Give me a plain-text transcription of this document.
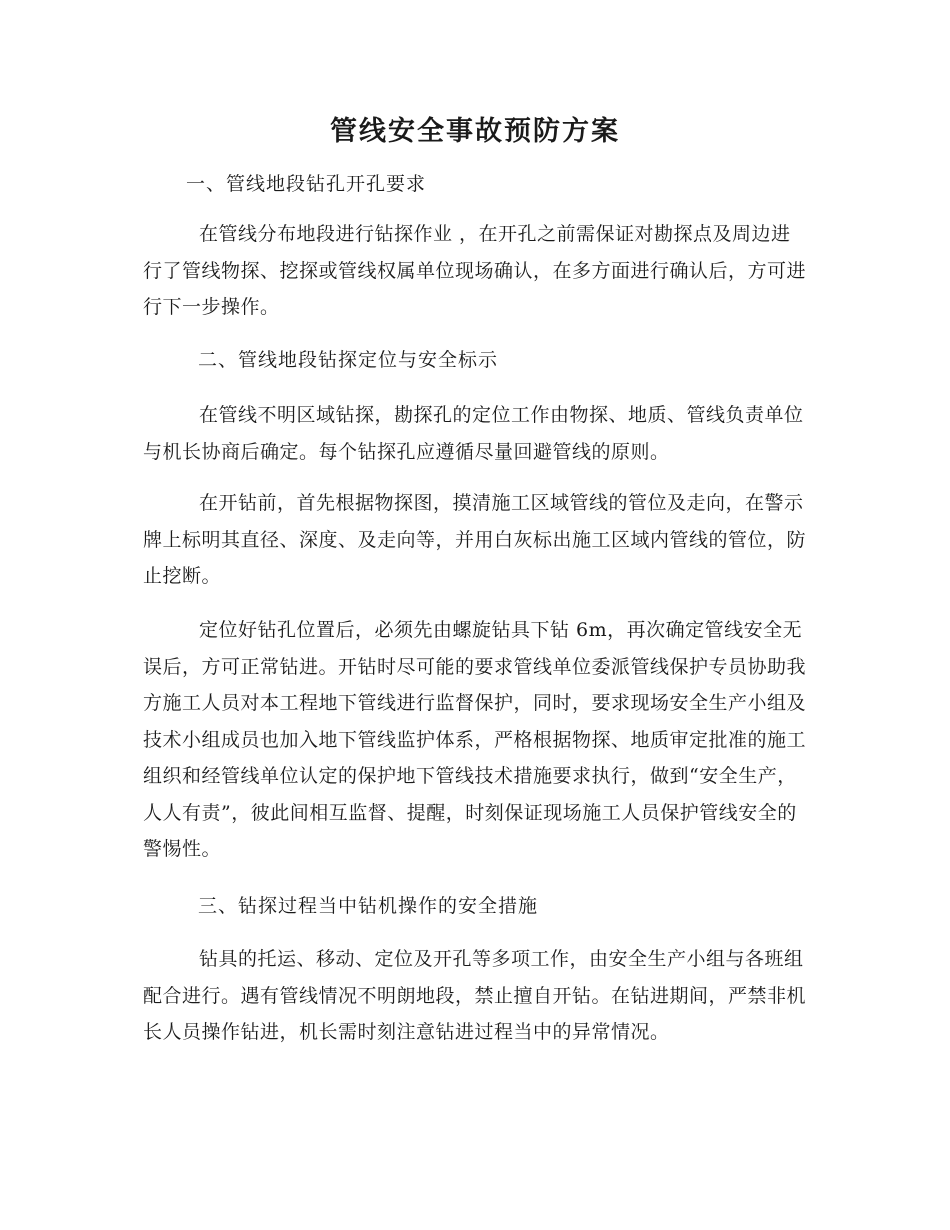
管线安全事故预防方案
一、管线地段钻孔开孔要求

在管线分布地段进行钻探作业 ，在开孔之前需保证对勘探点及周边进行了管线物探、挖探或管线权属单位现场确认，在多方面进行确认后，方可进行下一步操作。

二、管线地段钻探定位与安全标示

在管线不明区域钻探，勘探孔的定位工作由物探、地质、管线负责单位与机长协商后确定。每个钻探孔应遵循尽量回避管线的原则。

在开钻前，首先根据物探图，摸清施工区域管线的管位及走向，在警示牌上标明其直径、深度、及走向等，并用白灰标出施工区域内管线的管位，防止挖断。

定位好钻孔位置后，必须先由螺旋钻具下钻 6m，再次确定管线安全无误后，方可正常钻进。开钻时尽可能的要求管线单位委派管线保护专员协助我方施工人员对本工程地下管线进行监督保护，同时，要求现场安全生产小组及技术小组成员也加入地下管线监护体系，严格根据物探、地质审定批准的施工组织和经管线单位认定的保护地下管线技术措施要求执行，做到“安全生产，人人有责”，彼此间相互监督、提醒，时刻保证现场施工人员保护管线安全的警惕性。

三、钻探过程当中钻机操作的安全措施

钻具的托运、移动、定位及开孔等多项工作，由安全生产小组与各班组配合进行。遇有管线情况不明朗地段，禁止擅自开钻。在钻进期间，严禁非机长人员操作钻进，机长需时刻注意钻进过程当中的异常情况。
